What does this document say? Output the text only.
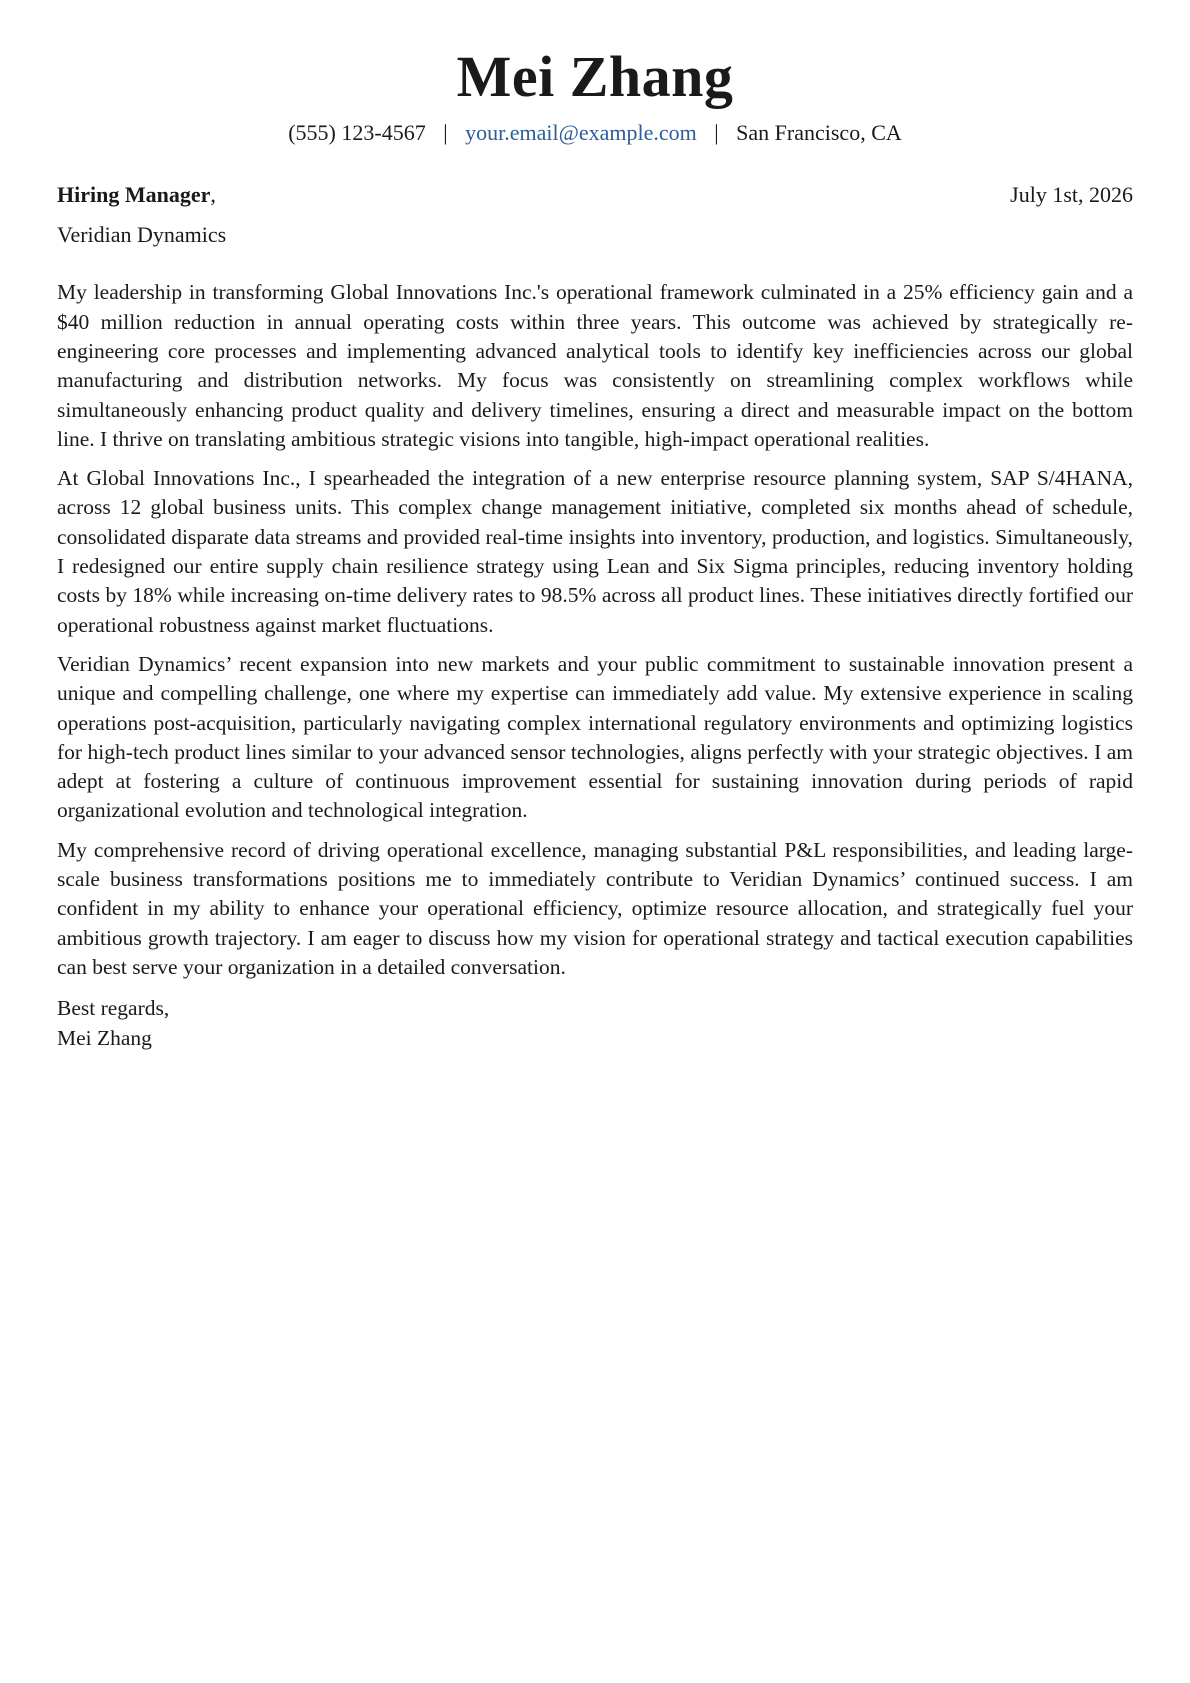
Mei Zhang
(555) 123-4567 | your.email@example.com | San Francisco, CA
Hiring Manager,	July 1st, 2026
Veridian Dynamics

My leadership in transforming Global Innovations Inc.'s operational framework culminated in a 25% efficiency gain and a $40 million reduction in annual operating costs within three years. This outcome was achieved by strategically re-engineering core processes and implementing advanced analytical tools to identify key inefficiencies across our global manufacturing and distribution networks. My focus was consistently on streamlining complex workflows while simultaneously enhancing product quality and delivery timelines, ensuring a direct and measurable impact on the bottom line. I thrive on translating ambitious strategic visions into tangible, high-impact operational realities.

At Global Innovations Inc., I spearheaded the integration of a new enterprise resource planning system, SAP S/4HANA, across 12 global business units. This complex change management initiative, completed six months ahead of schedule, consolidated disparate data streams and provided real-time insights into inventory, production, and logistics. Simultaneously, I redesigned our entire supply chain resilience strategy using Lean and Six Sigma principles, reducing inventory holding costs by 18% while increasing on-time delivery rates to 98.5% across all product lines. These initiatives directly fortified our operational robustness against market fluctuations.

Veridian Dynamics’ recent expansion into new markets and your public commitment to sustainable innovation present a unique and compelling challenge, one where my expertise can immediately add value. My extensive experience in scaling operations post-acquisition, particularly navigating complex international regulatory environments and optimizing logistics for high-tech product lines similar to your advanced sensor technologies, aligns perfectly with your strategic objectives. I am adept at fostering a culture of continuous improvement essential for sustaining innovation during periods of rapid organizational evolution and technological integration.

My comprehensive record of driving operational excellence, managing substantial P&L responsibilities, and leading large-scale business transformations positions me to immediately contribute to Veridian Dynamics’ continued success. I am confident in my ability to enhance your operational efficiency, optimize resource allocation, and strategically fuel your ambitious growth trajectory. I am eager to discuss how my vision for operational strategy and tactical execution capabilities can best serve your organization in a detailed conversation.

Best regards,
Mei Zhang
